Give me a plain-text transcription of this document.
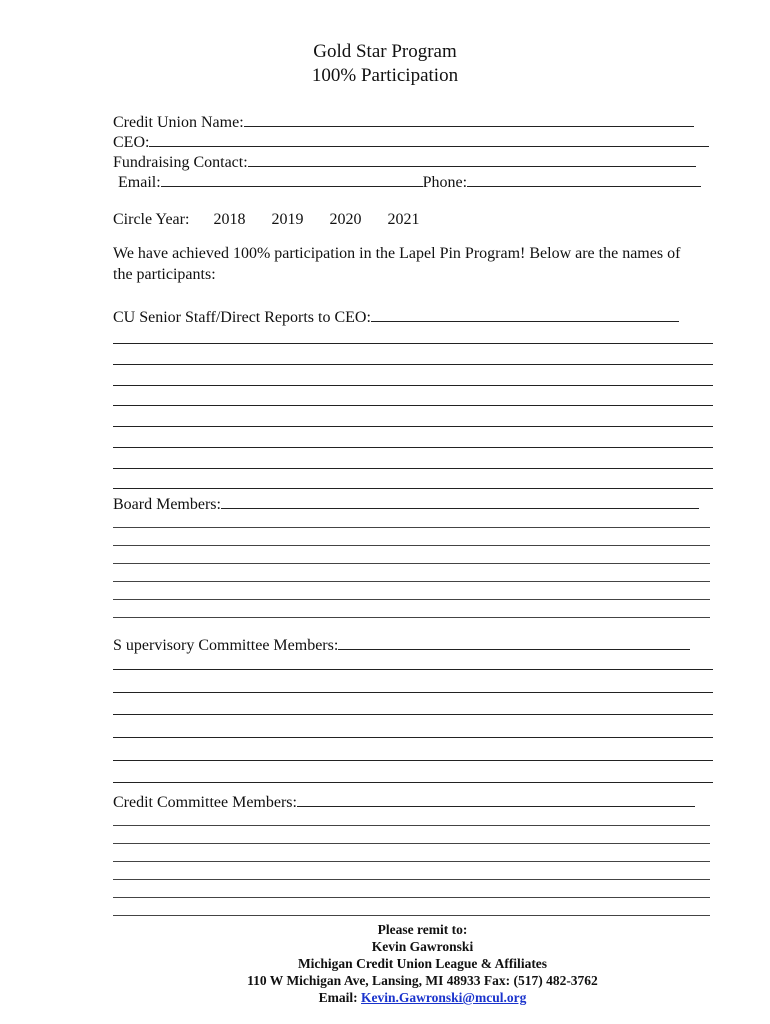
Gold Star Program
100% Participation
Credit Union Name:
CEO:
Fundraising Contact:
Email:	Phone:
Circle Year: 2018 2019 2020 2021
We have achieved 100% participation in the Lapel Pin Program! Below are the names of the participants:
CU Senior Staff/Direct Reports to CEO:
Board Members:
S upervisory Committee Members:
Credit Committee Members:
Please remit to:
Kevin Gawronski
Michigan Credit Union League & Affiliates
110 W Michigan Ave, Lansing, MI 48933 Fax: (517) 482-3762
Email: Kevin.Gawronski@mcul.org
